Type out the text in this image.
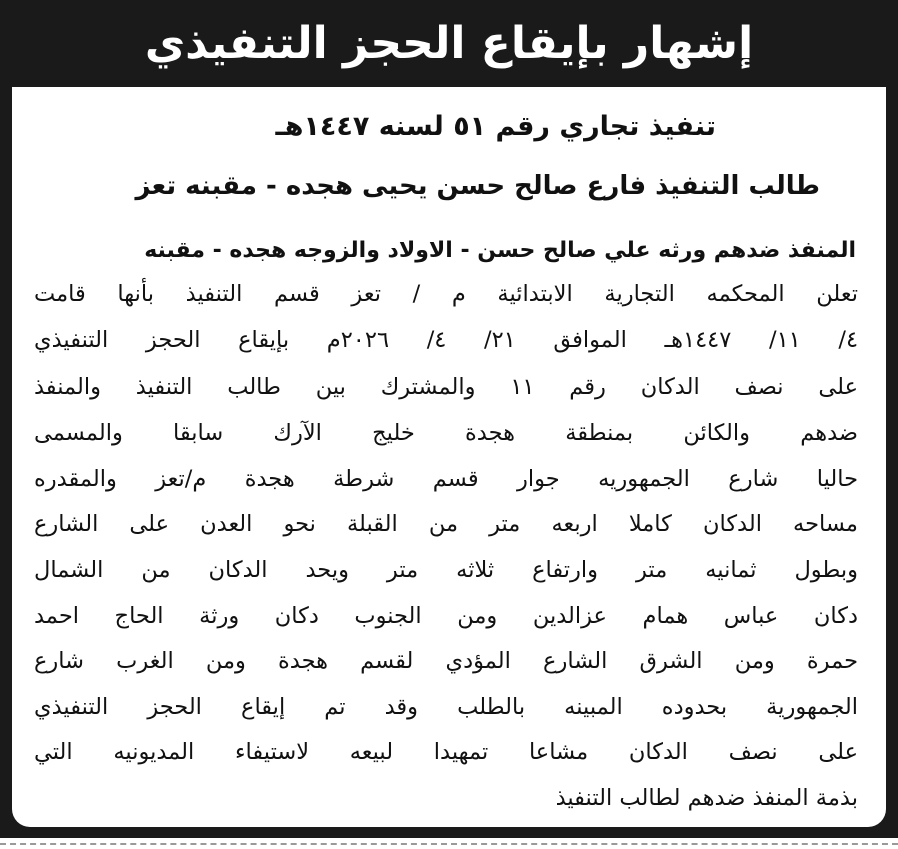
إشهار بإيقاع الحجز التنفيذي
تنفيذ تجاري رقم ٥١ لسنه ١٤٤٧هـ
طالب التنفيذ فارع صالح حسن يحيى هجده - مقبنه تعز
المنفذ ضدهم ورثه علي صالح حسن - الاولاد والزوجه هجده - مقبنه
تعلن المحكمه التجارية الابتدائية م / تعز قسم التنفيذ بأنها قامت
٤/ ١١/ ١٤٤٧هـ الموافق ٢١/ ٤/ ٢٠٢٦م بإيقاع الحجز التنفيذي
على نصف الدكان رقم ١١ والمشترك بين طالب التنفيذ والمنفذ
ضدهم والكائن بمنطقة هجدة خليج الآرك سابقا والمسمى
حاليا شارع الجمهوريه جوار قسم شرطة هجدة م/تعز والمقدره
مساحه الدكان كاملا اربعه متر من القبلة نحو العدن على الشارع
وبطول ثمانيه متر وارتفاع ثلاثه متر ويحد الدكان من الشمال
دكان عباس همام عزالدين ومن الجنوب دكان ورثة الحاج احمد
حمرة ومن الشرق الشارع المؤدي لقسم هجدة ومن الغرب شارع
الجمهورية بحدوده المبينه بالطلب وقد تم إيقاع الحجز التنفيذي
على نصف الدكان مشاعا تمهيدا لبيعه لاستيفاء المديونيه التي
بذمة المنفذ ضدهم لطالب التنفيذ
